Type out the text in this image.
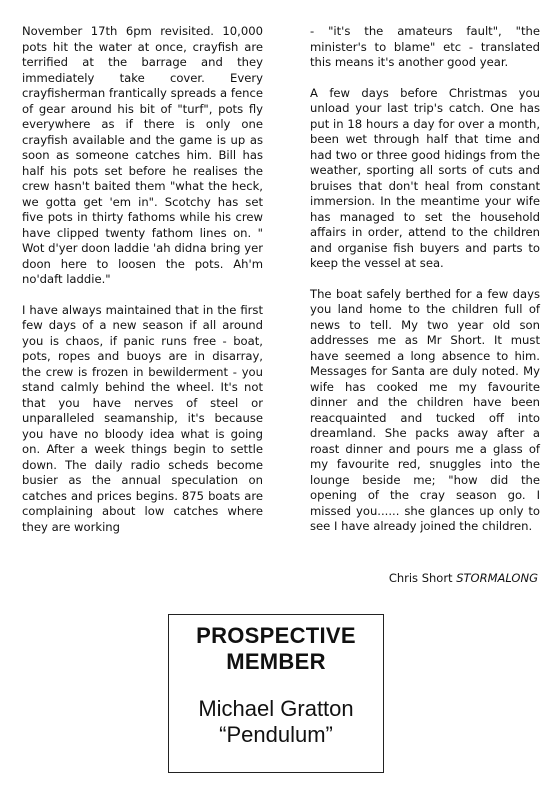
November 17th 6pm revisited. 10,000 pots hit the water at once, crayfish are terrified at the barrage and they immediately take cover. Every crayfisherman frantically spreads a fence of gear around his bit of "turf", pots fly everywhere as if there is only one crayfish available and the game is up as soon as someone catches him. Bill has half his pots set before he realises the crew hasn't baited them "what the heck, we gotta get 'em in". Scotchy has set five pots in thirty fathoms while his crew have clipped twenty fathom lines on. " Wot d'yer doon laddie 'ah didna bring yer doon here to loosen the pots. Ah'm no'daft laddie."

I have always maintained that in the first few days of a new season if all around you is chaos, if panic runs free - boat, pots, ropes and buoys are in disarray, the crew is frozen in bewilderment - you stand calmly behind the wheel. It's not that you have nerves of steel or unparalleled seamanship, it's because you have no bloody idea what is going on. After a week things begin to settle down. The daily radio scheds become busier as the annual speculation on catches and prices begins. 875 boats are complaining about low catches where they are working

- "it's the amateurs fault", "the minister's to blame" etc - translated this means it's another good year.

A few days before Christmas you unload your last trip's catch. One has put in 18 hours a day for over a month, been wet through half that time and had two or three good hidings from the weather, sporting all sorts of cuts and bruises that don't heal from constant immersion. In the meantime your wife has managed to set the household affairs in order, attend to the children and organise fish buyers and parts to keep the vessel at sea.

The boat safely berthed for a few days you land home to the children full of news to tell. My two year old son addresses me as Mr Short. It must have seemed a long absence to him. Messages for Santa are duly noted. My wife has cooked me my favourite dinner and the children have been reacquainted and tucked off into dreamland. She packs away after a roast dinner and pours me a glass of my favourite red, snuggles into the lounge beside me; "how did the opening of the cray season go. I missed you...... she glances up only to see I have already joined the children.

Chris Short STORMALONG
PROSPECTIVE
MEMBER
Michael Gratton
“Pendulum”
